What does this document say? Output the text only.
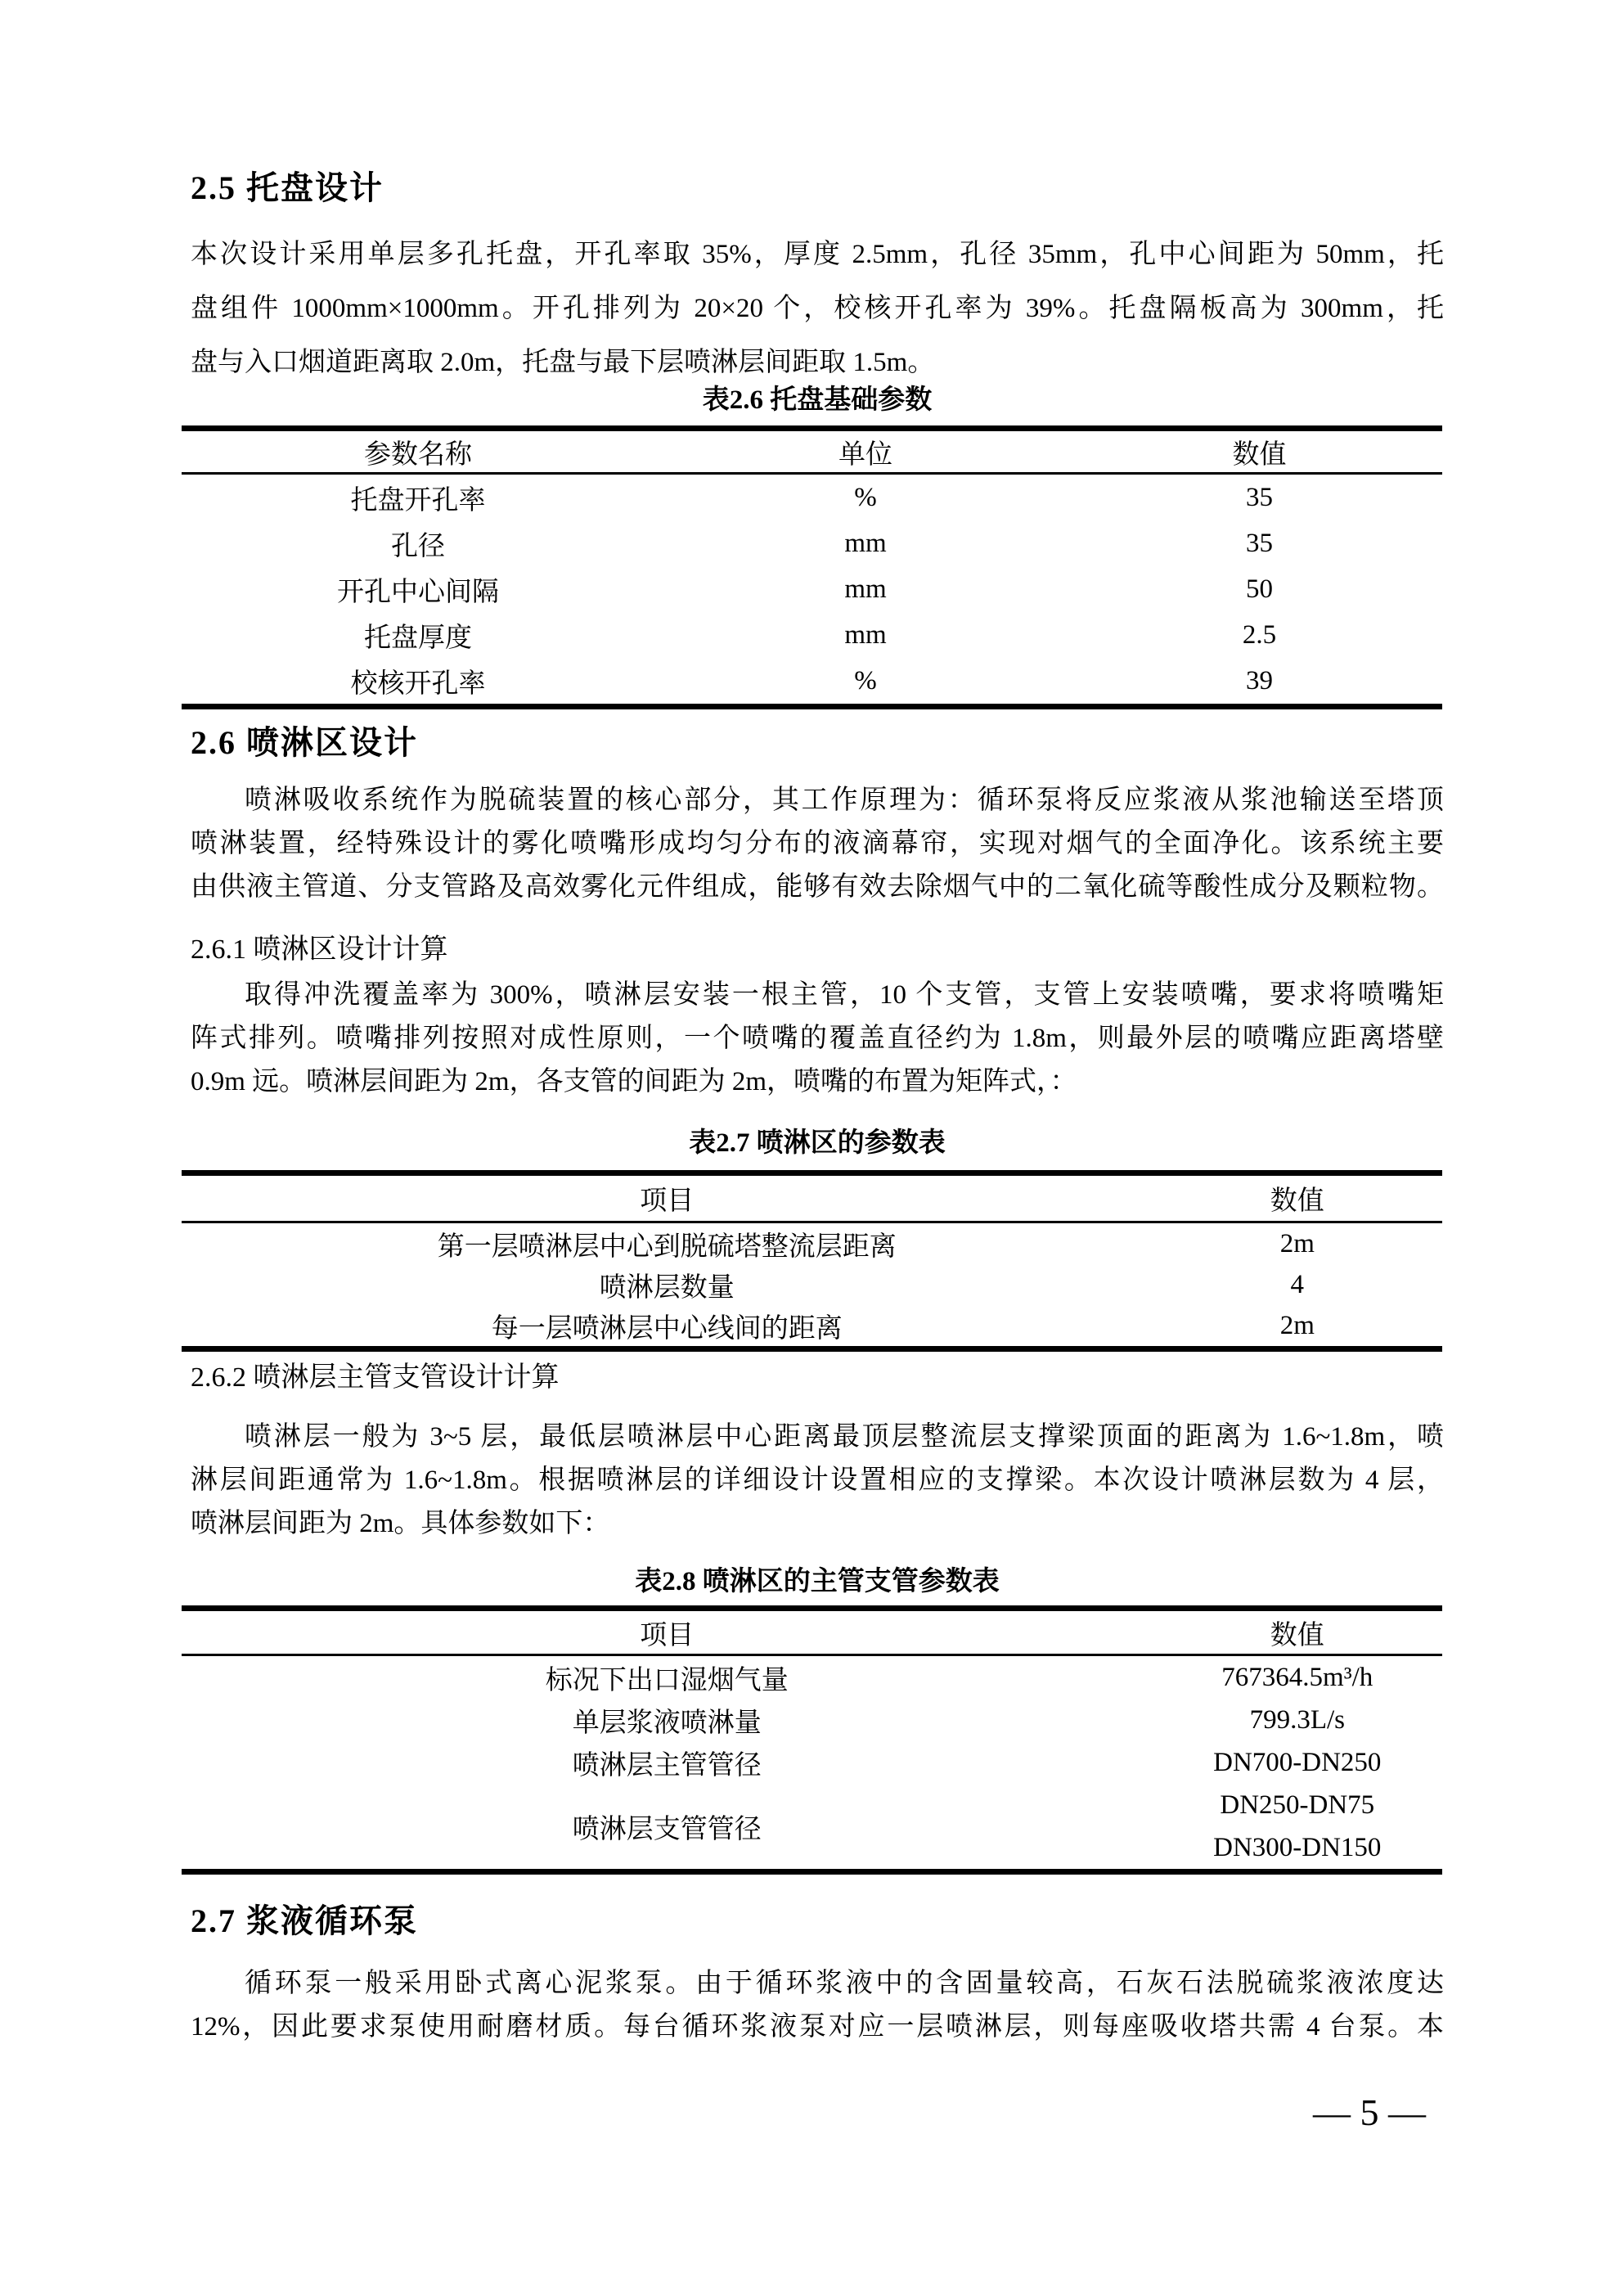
2.5 托盘设计
本次设计采用单层多孔托盘，开孔率取 35%，厚度 2.5mm，孔径 35mm，孔中心间距为 50mm，托
盘组件 1000mm×1000mm。开孔排列为 20×20 个，校核开孔率为 39%。托盘隔板高为 300mm，托
盘与入口烟道距离取 2.0m，托盘与最下层喷淋层间距取 1.5m。
表2.6 托盘基础参数
参数名称	单位	数值
托盘开孔率	%	35
孔径	mm	35
开孔中心间隔	mm	50
托盘厚度	mm	2.5
校核开孔率	%	39
2.6 喷淋区设计
喷淋吸收系统作为脱硫装置的核心部分，其工作原理为：循环泵将反应浆液从浆池输送至塔顶
喷淋装置，经特殊设计的雾化喷嘴形成均匀分布的液滴幕帘，实现对烟气的全面净化。该系统主要
由供液主管道、分支管路及高效雾化元件组成，能够有效去除烟气中的二氧化硫等酸性成分及颗粒物。
2.6.1 喷淋区设计计算
取得冲洗覆盖率为 300%，喷淋层安装一根主管，10 个支管，支管上安装喷嘴，要求将喷嘴矩
阵式排列。喷嘴排列按照对成性原则，一个喷嘴的覆盖直径约为 1.8m，则最外层的喷嘴应距离塔壁
0.9m 远。喷淋层间距为 2m，各支管的间距为 2m，喷嘴的布置为矩阵式，：
表2.7 喷淋区的参数表
项目	数值
第一层喷淋层中心到脱硫塔整流层距离	2m
喷淋层数量	4
每一层喷淋层中心线间的距离	2m
2.6.2 喷淋层主管支管设计计算
喷淋层一般为 3~5 层，最低层喷淋层中心距离最顶层整流层支撑梁顶面的距离为 1.6~1.8m，喷
淋层间距通常为 1.6~1.8m。根据喷淋层的详细设计设置相应的支撑梁。本次设计喷淋层数为 4 层，
喷淋层间距为 2m。具体参数如下：
表2.8 喷淋区的主管支管参数表
项目	数值
标况下出口湿烟气量	767364.5m³/h
单层浆液喷淋量	799.3L/s
喷淋层主管管径	DN700-DN250
喷淋层支管管径	DN250-DN75
DN300-DN150
2.7 浆液循环泵
循环泵一般采用卧式离心泥浆泵。由于循环浆液中的含固量较高，石灰石法脱硫浆液浓度达
12%，因此要求泵使用耐磨材质。每台循环浆液泵对应一层喷淋层，则每座吸收塔共需 4 台泵。本
— 5 —
